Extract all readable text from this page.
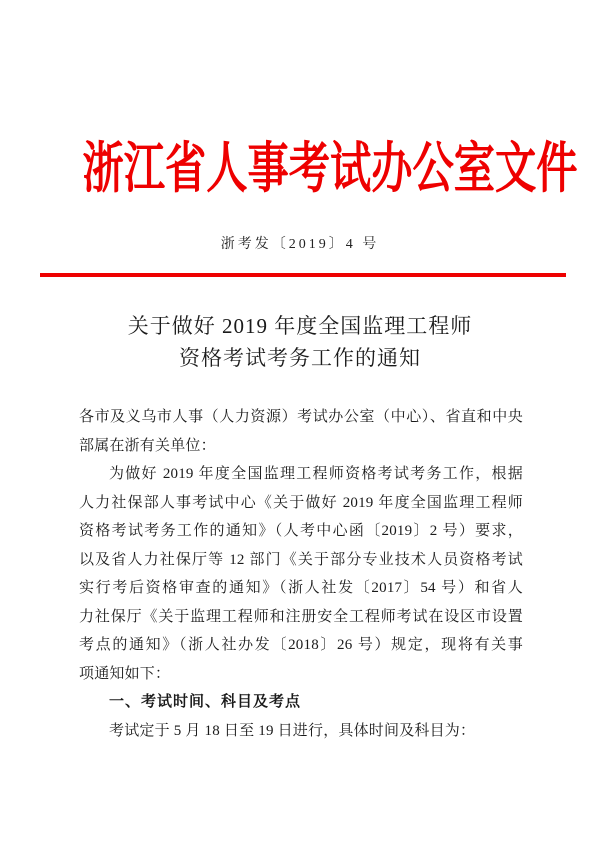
浙江省人事考试办公室文件
浙考发〔2019〕4 号
关于做好 2019 年度全国监理工程师
资格考试考务工作的通知
各市及义乌市人事（人力资源）考试办公室（中心）、省直和中央
部属在浙有关单位：
为做好 2019 年度全国监理工程师资格考试考务工作，根据
人力社保部人事考试中心《关于做好 2019 年度全国监理工程师
资格考试考务工作的通知》（人考中心函〔2019〕2 号）要求，
以及省人力社保厅等 12 部门《关于部分专业技术人员资格考试
实行考后资格审查的通知》（浙人社发〔2017〕54 号）和省人
力社保厅《关于监理工程师和注册安全工程师考试在设区市设置
考点的通知》（浙人社办发〔2018〕26 号）规定，现将有关事
项通知如下：
一、考试时间、科目及考点
考试定于 5 月 18 日至 19 日进行，具体时间及科目为：
